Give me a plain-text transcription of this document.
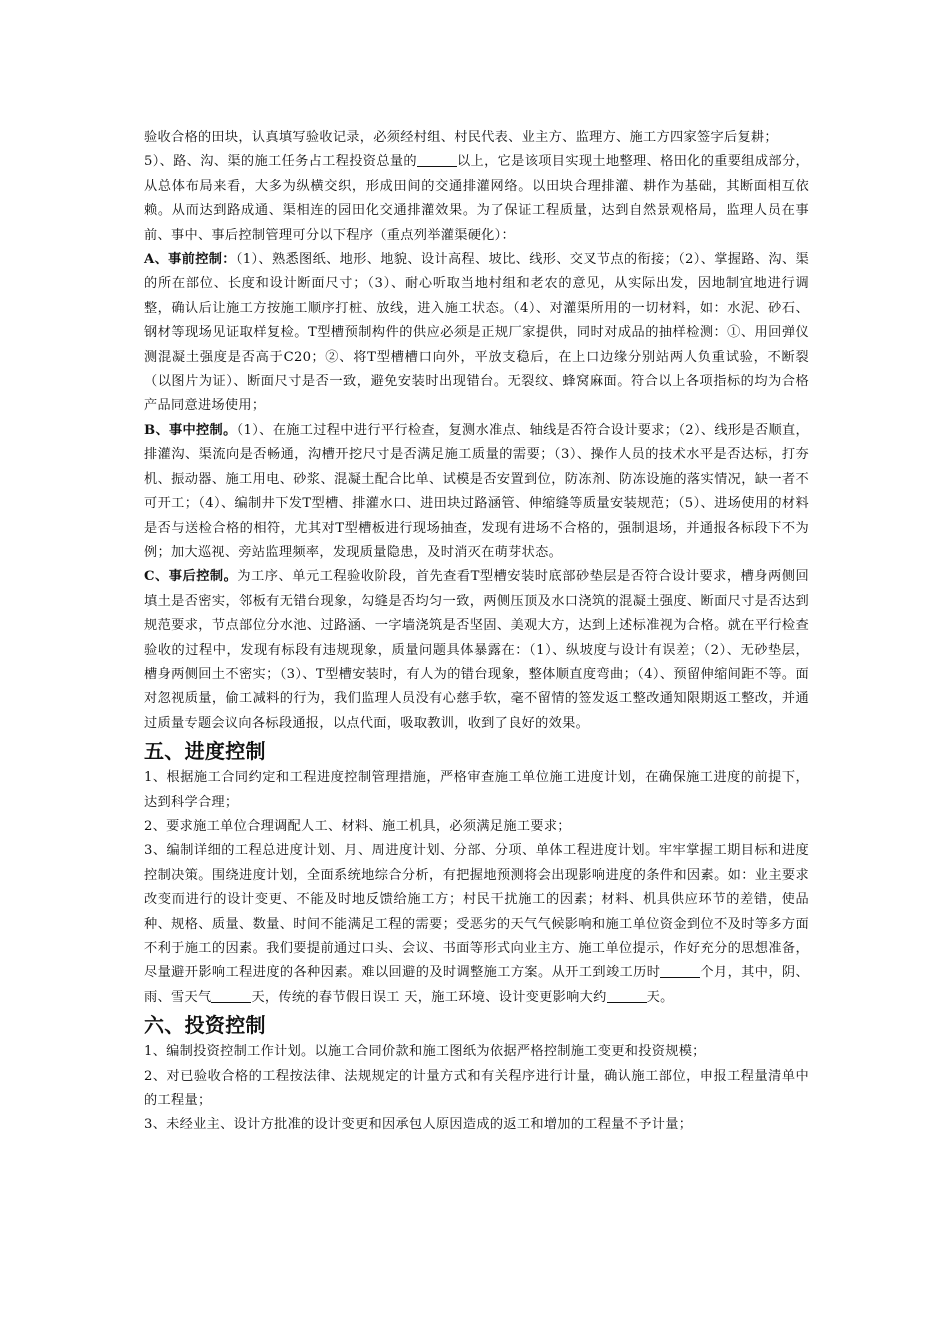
验收合格的田块，认真填写验收记录，必须经村组、村民代表、业主方、监理方、施工方四家签字后复耕；

5）、路、沟、渠的施工任务占工程投资总量的	以上，它是该项目实现土地整理、格田化的重要组成部分，从总体布局来看，大多为纵横交织，形成田间的交通排灌网络。以田块合理排灌、耕作为基础，其断面相互依赖。从而达到路成通、渠相连的园田化交通排灌效果。为了保证工程质量，达到自然景观格局，监理人员在事前、事中、事后控制管理可分以下程序（重点列举灌渠硬化）：

A、事前控制：（1）、熟悉图纸、地形、地貌、设计高程、坡比、线形、交叉节点的衔接；（2）、掌握路、沟、渠的所在部位、长度和设计断面尺寸；（3）、耐心听取当地村组和老农的意见，从实际出发，因地制宜地进行调整，确认后让施工方按施工顺序打桩、放线，进入施工状态。（4）、对灌渠所用的一切材料，如：水泥、砂石、钢材等现场见证取样复检。T型槽预制构件的供应必须是正规厂家提供，同时对成品的抽样检测：①、用回弹仪测混凝土强度是否高于C20；②、将T型槽槽口向外，平放支稳后，在上口边缘分别站两人负重试验，不断裂（以图片为证）、断面尺寸是否一致，避免安装时出现错台。无裂纹、蜂窝麻面。符合以上各项指标的均为合格产品同意进场使用；

B、事中控制。（1）、在施工过程中进行平行检查，复测水准点、轴线是否符合设计要求；（2）、线形是否顺直，排灌沟、渠流向是否畅通，沟槽开挖尺寸是否满足施工质量的需要；（3）、操作人员的技术水平是否达标，打夯机、振动器、施工用电、砂浆、混凝土配合比单、试模是否安置到位，防冻剂、防冻设施的落实情况，缺一者不可开工；（4）、编制井下发T型槽、排灌水口、进田块过路涵管、伸缩缝等质量安装规范；（5）、进场使用的材料是否与送检合格的相符，尤其对T型槽板进行现场抽查，发现有进场不合格的，强制退场，并通报各标段下不为例；加大巡视、旁站监理频率，发现质量隐患，及时消灭在萌芽状态。

C、事后控制。为工序、单元工程验收阶段，首先查看T型槽安装时底部砂垫层是否符合设计要求，槽身两侧回填土是否密实，邻板有无错台现象，勾缝是否均匀一致，两侧压顶及水口浇筑的混凝土强度、断面尺寸是否达到规范要求，节点部位分水池、过路涵、一字墙浇筑是否坚固、美观大方，达到上述标准视为合格。就在平行检查验收的过程中，发现有标段有违规现象，质量问题具体暴露在：（1）、纵坡度与设计有误差；（2）、无砂垫层，槽身两侧回土不密实；（3）、T型槽安装时，有人为的错台现象，整体顺直度弯曲；（4）、预留伸缩间距不等。面对忽视质量，偷工减料的行为，我们监理人员没有心慈手软，毫不留情的签发返工整改通知限期返工整改，并通过质量专题会议向各标段通报，以点代面，吸取教训，收到了良好的效果。

五、进度控制

1、根据施工合同约定和工程进度控制管理措施，严格审查施工单位施工进度计划，在确保施工进度的前提下，达到科学合理；

2、要求施工单位合理调配人工、材料、施工机具，必须满足施工要求；

3、编制详细的工程总进度计划、月、周进度计划、分部、分项、单体工程进度计划。牢牢掌握工期目标和进度控制决策。围绕进度计划，全面系统地综合分析，有把握地预测将会出现影响进度的条件和因素。如：业主要求改变而进行的设计变更、不能及时地反馈给施工方；村民干扰施工的因素；材料、机具供应环节的差错，使品种、规格、质量、数量、时间不能满足工程的需要；受恶劣的天气气候影响和施工单位资金到位不及时等多方面不利于施工的因素。我们要提前通过口头、会议、书面等形式向业主方、施工单位提示，作好充分的思想准备，尽量避开影响工程进度的各种因素。难以回避的及时调整施工方案。从开工到竣工历时	个月，其中，阴、雨、雪天气	天，传统的春节假日误工 天，施工环境、设计变更影响大约	天。

六、投资控制

1、编制投资控制工作计划。以施工合同价款和施工图纸为依据严格控制施工变更和投资规模；

2、对已验收合格的工程按法律、法规规定的计量方式和有关程序进行计量，确认施工部位，申报工程量清单中的工程量；

3、未经业主、设计方批准的设计变更和因承包人原因造成的返工和增加的工程量不予计量；
